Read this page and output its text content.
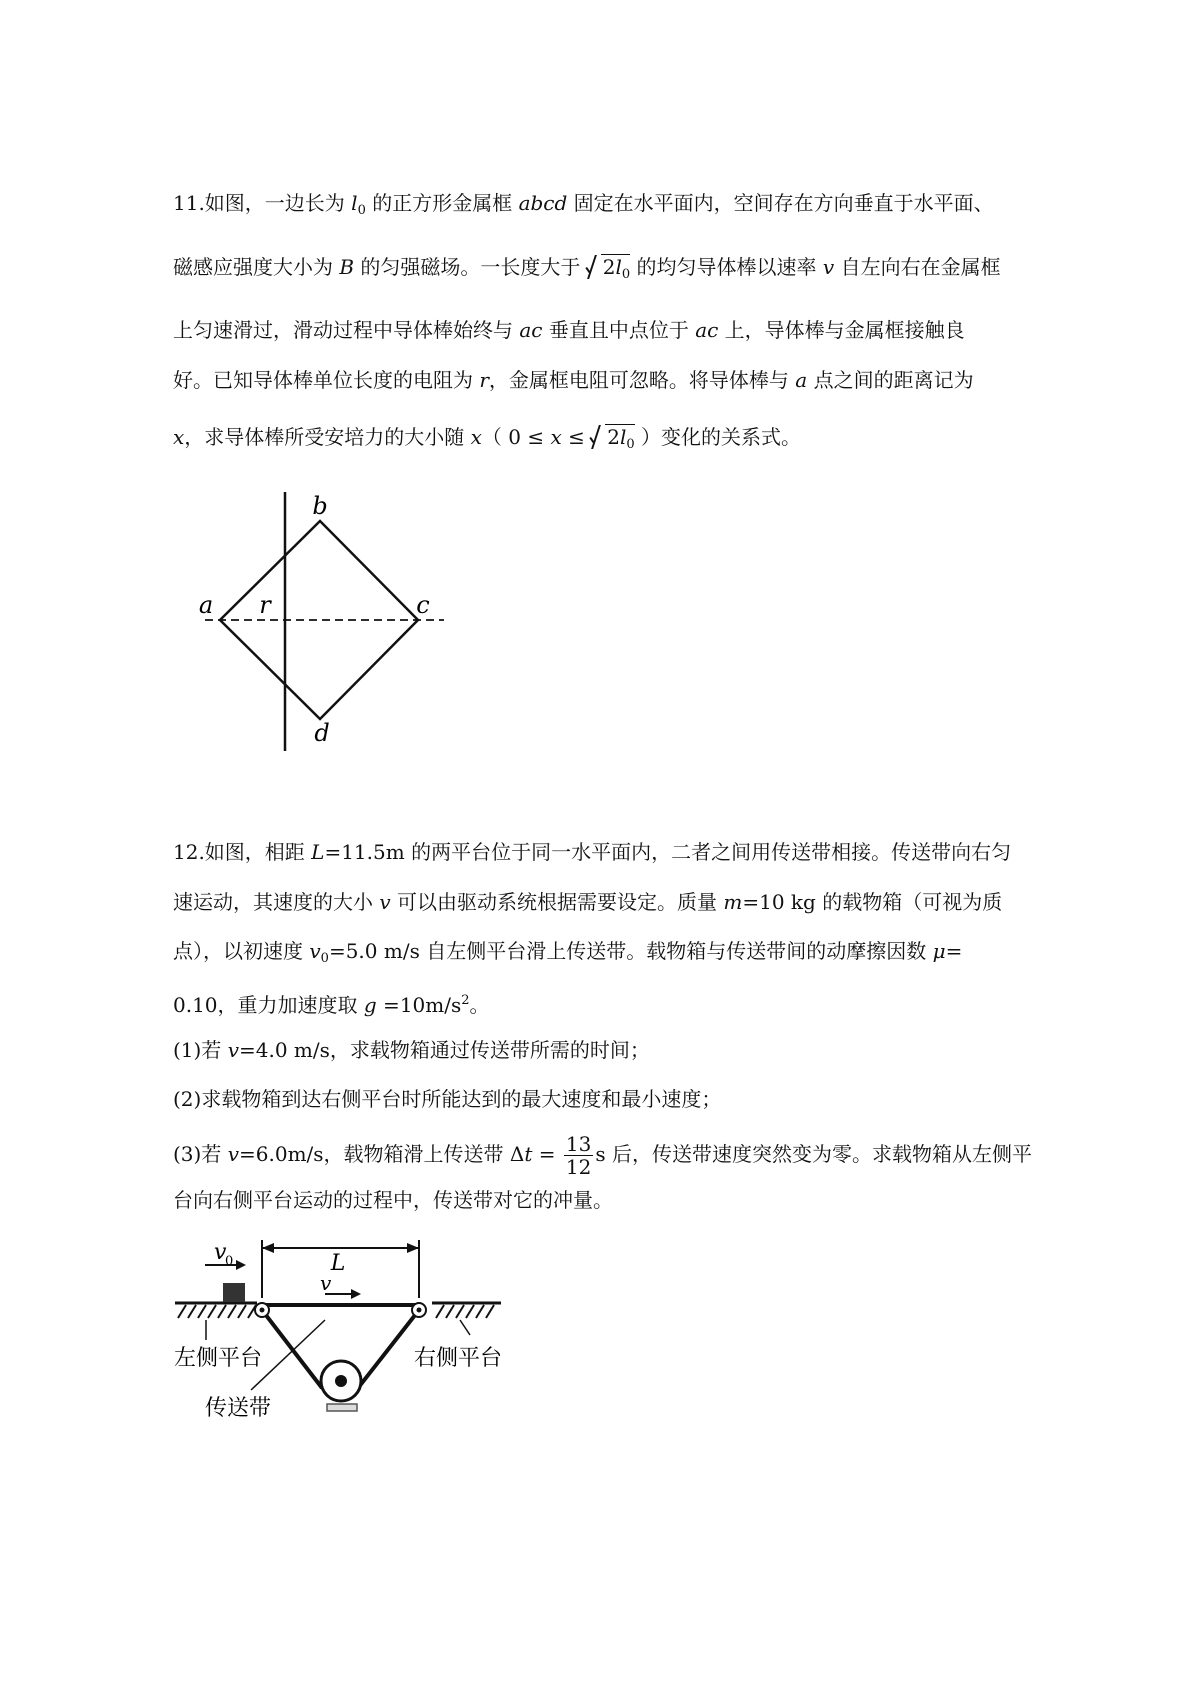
11.如图，一边长为 $l_0$ 的正方形金属框 abcd 固定在水平面内，空间存在方向垂直于水平面、
磁感应强度大小为 B 的匀强磁场。一长度大于
$2l_0$ 的均匀导体棒以速率 v 自左向右在金属框
上匀速滑过，滑动过程中导体棒始终与 ac 垂直且中点位于 ac 上，导体棒与金属框接触良
好。已知导体棒单位长度的电阻为 r，金属框电阻可忽略。将导体棒与 a 点之间的距离记为
x，求导体棒所受安培力的大小随 x（ 0 ≤ x ≤
$2l_0$ ）变化的关系式。
a
b
c
d
r
12.如图，相距 L=11.5m 的两平台位于同一水平面内，二者之间用传送带相接。传送带向右匀
速运动，其速度的大小 v 可以由驱动系统根据需要设定。质量 m=10 kg 的载物箱（可视为质
点），以初速度 $v_0=5.0$ m/s 自左侧平台滑上传送带。载物箱与传送带间的动摩擦因数 μ=
0.10，重力加速度取 $g =10m/s^2$。
(1)若 v=4.0 m/s，求载物箱通过传送带所需的时间；
(2)求载物箱到达右侧平台时所能达到的最大速度和最小速度；
(3)若 v=6.0m/s，载物箱滑上传送带 $\Delta t = \frac{13}{12}$ s 后，传送带速度突然变为零。求载物箱从左侧平
台向右侧平台运动的过程中，传送带对它的冲量。
v
0	L
v
左侧平台	右侧平台
传送带
